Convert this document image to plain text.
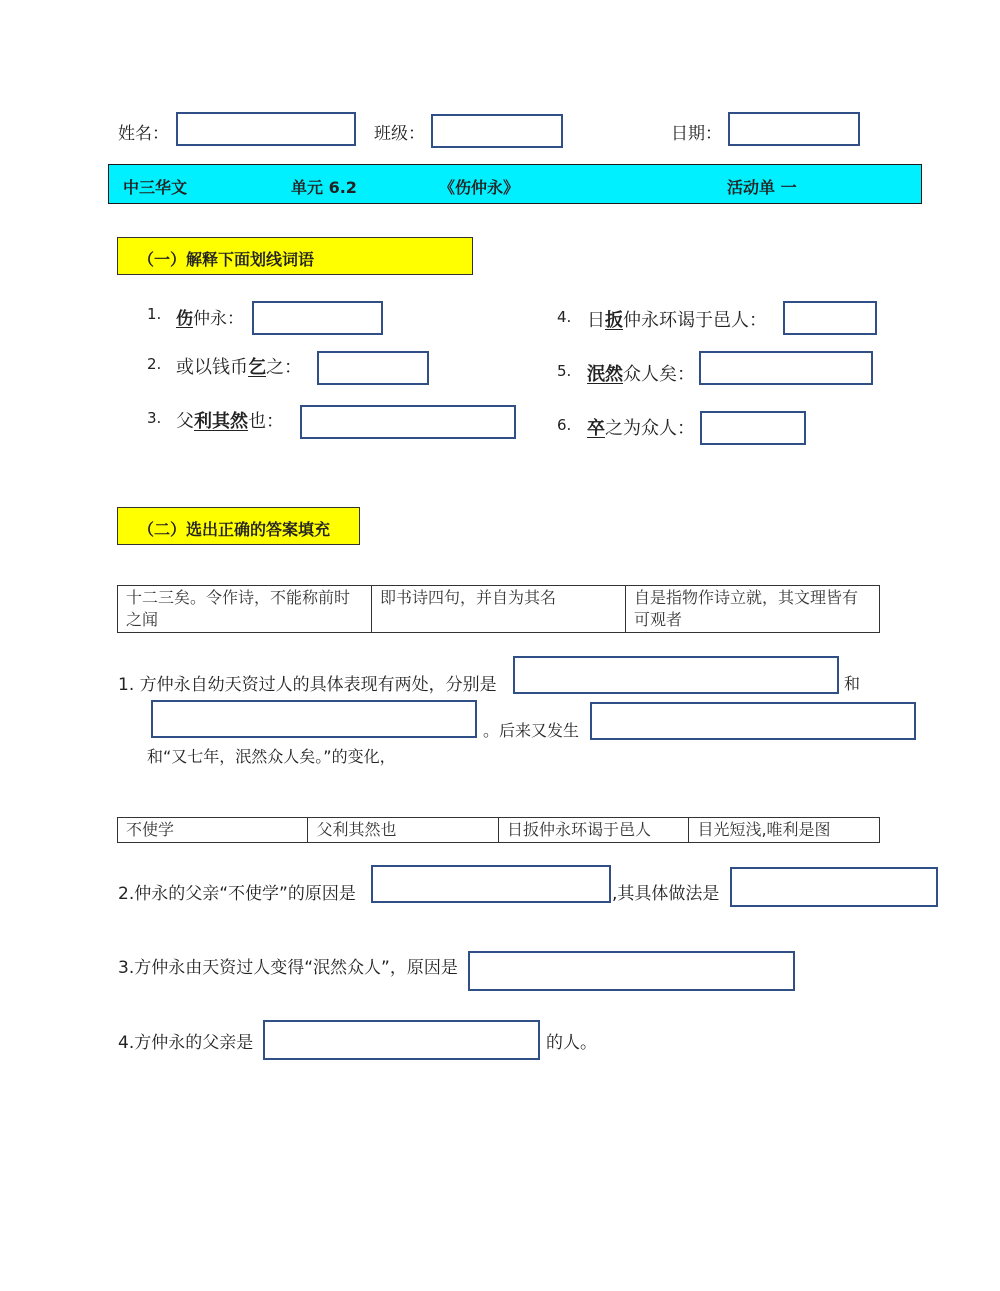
姓名：	班级：	日期：
中三华文	单元 6.2	《伤仲永》	活动单 一
（一）解释下面划线词语
1. 伤仲永：
2. 或以钱币乞之：
3. 父利其然也：
4. 日扳仲永环谒于邑人：
5. 泯然众人矣：
6. 卒之为众人：
（二）选出正确的答案填充
十二三矣。令作诗，不能称前时之闻	即书诗四句，并自为其名	自是指物作诗立就，其文理皆有可观者
1. 方仲永自幼天资过人的具体表现有两处，分别是	和
。后来又发生
和“又七年，泯然众人矣。”的变化，
不使学	父利其然也	日扳仲永环谒于邑人	目光短浅,唯利是图
2.仲永的父亲“不使学”的原因是	,其具体做法是
3.方仲永由天资过人变得“泯然众人”，原因是
4.方仲永的父亲是	的人。
